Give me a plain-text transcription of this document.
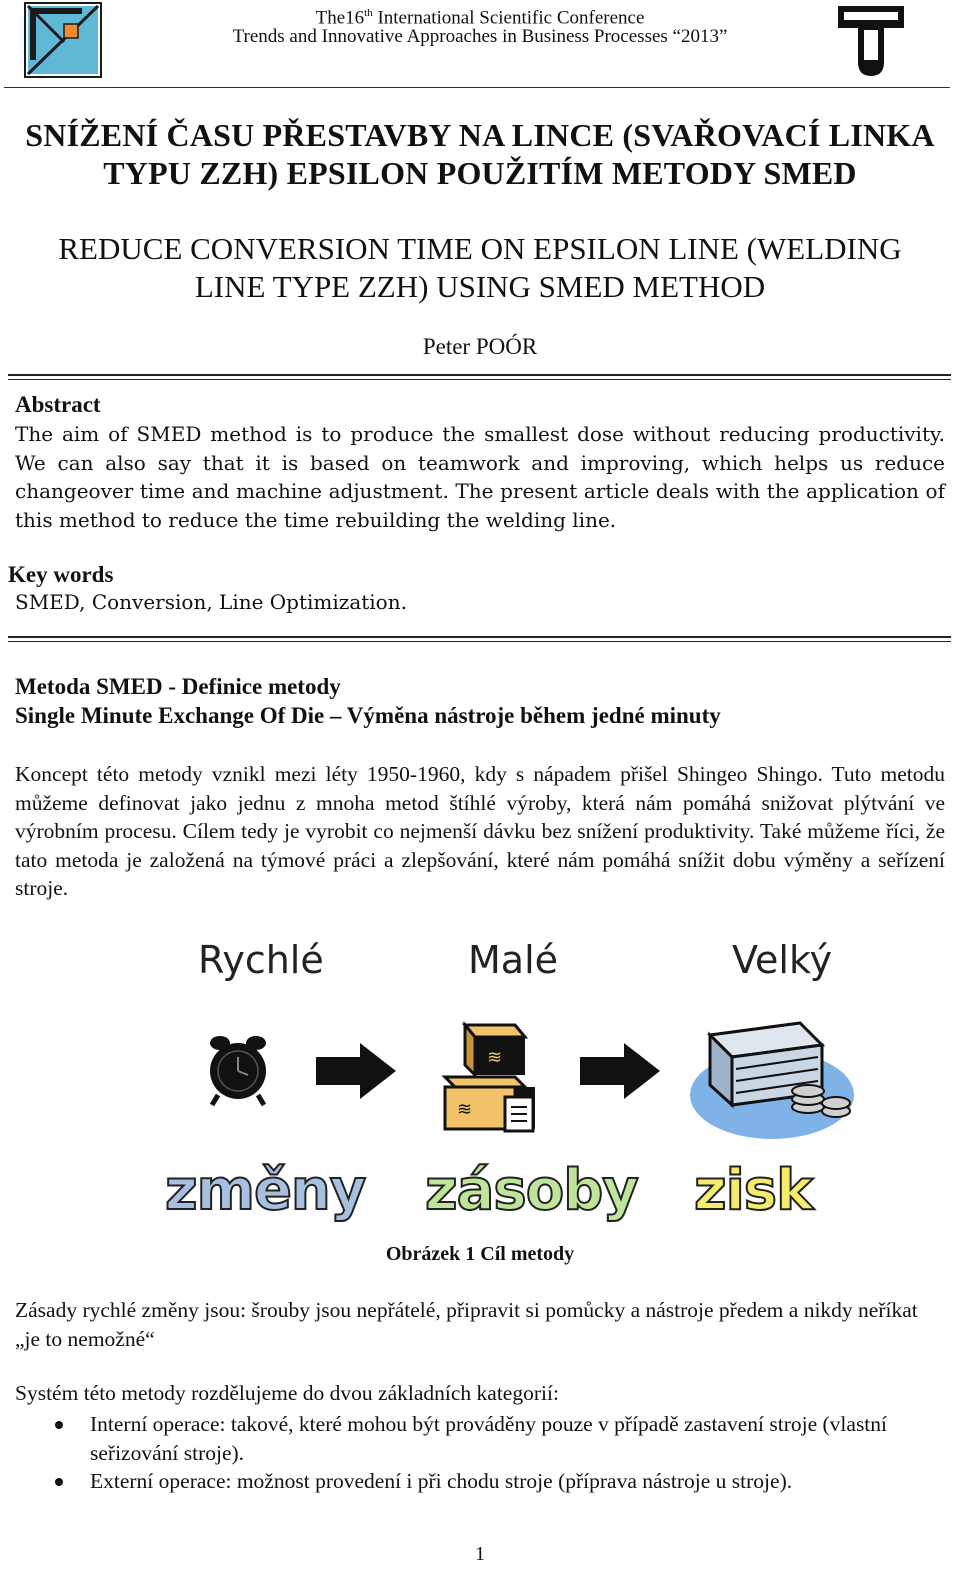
The16th International Scientific Conference
Trends and Innovative Approaches in Business Processes “2013”
SNÍŽENÍ ČASU PŘESTAVBY NA LINCE (SVAŘOVACÍ LINKA
TYPU ZZH) EPSILON POUŽITÍM METODY SMED
REDUCE CONVERSION TIME ON EPSILON LINE (WELDING
LINE TYPE ZZH) USING SMED METHOD
Peter POÓR
Abstract
The aim of SMED method is to produce the smallest dose without reducing productivity. We can also say that it is based on teamwork and improving, which helps us reduce changeover time and machine adjustment. The present article deals with the application of this method to reduce the time rebuilding the welding line.
Key words
SMED, Conversion, Line Optimization.
Metoda SMED - Definice metody
Single Minute Exchange Of Die – Výměna nástroje během jedné minuty
Koncept této metody vznikl mezi léty 1950-1960, kdy s nápadem přišel Shingeo Shingo. Tuto metodu můžeme definovat jako jednu z mnoha metod štíhlé výroby, která nám pomáhá snižovat plýtvání ve výrobním procesu. Cílem tedy je vyrobit co nejmenší dávku bez snížení produktivity. Také můžeme říci, že tato metoda je založená na týmové práci a zlepšování, které nám pomáhá snížit dobu výměny a seřízení stroje.
Rychlé	Malé	Velký
≋
≋
změny zásoby zisk
Obrázek 1 Cíl metody
Zásady rychlé změny jsou: šrouby jsou nepřátelé, připravit si pomůcky a nástroje předem a nikdy neříkat „je to nemožné“
Systém této metody rozdělujeme do dvou základních kategorií:
Interní operace: takové, které mohou být prováděny pouze v případě zastavení stroje (vlastní seřizování stroje).
Externí operace: možnost provedení i při chodu stroje (příprava nástroje u stroje).
1
